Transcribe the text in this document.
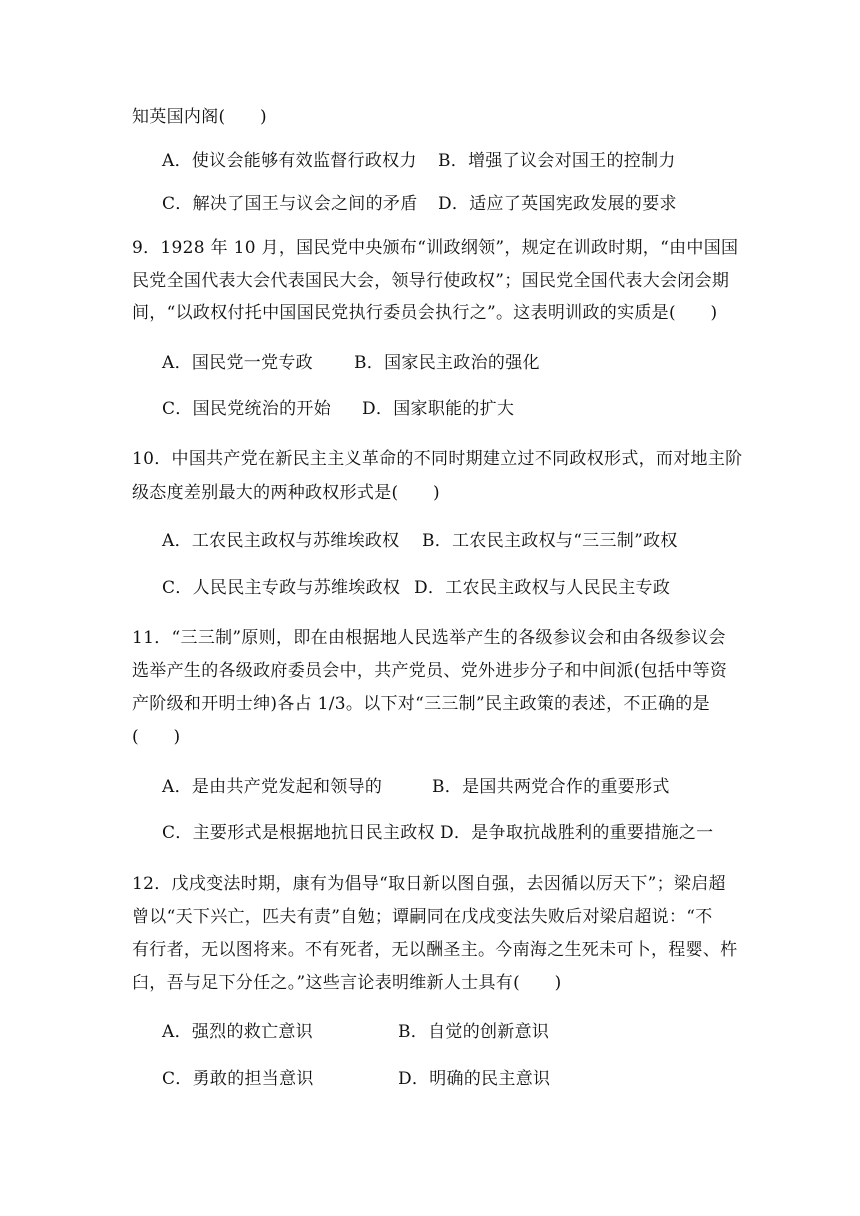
知英国内阁(　　)
A．使议会能够有效监督行政权力 B．增强了议会对国王的控制力
C．解决了国王与议会之间的矛盾 D．适应了英国宪政发展的要求
9．1928 年 10 月，国民党中央颁布“训政纲领”，规定在训政时期，“由中国国
民党全国代表大会代表国民大会，领导行使政权”；国民党全国代表大会闭会期
间，“以政权付托中国国民党执行委员会执行之”。这表明训政的实质是(　　)
A．国民党一党专政 B．国家民主政治的强化
C．国民党统治的开始 D．国家职能的扩大
10．中国共产党在新民主主义革命的不同时期建立过不同政权形式，而对地主阶
级态度差别最大的两种政权形式是(　　)
A．工农民主政权与苏维埃政权 B．工农民主政权与“三三制”政权
C．人民民主专政与苏维埃政权 D．工农民主政权与人民民主专政
11．“三三制”原则，即在由根据地人民选举产生的各级参议会和由各级参议会
选举产生的各级政府委员会中，共产党员、党外进步分子和中间派(包括中等资
产阶级和开明士绅)各占 1/3。以下对“三三制”民主政策的表述，不正确的是
(　　)
A．是由共产党发起和领导的	B．是国共两党合作的重要形式
C．主要形式是根据地抗日民主政权 D．是争取抗战胜利的重要措施之一
12．戊戌变法时期，康有为倡导“取日新以图自强，去因循以厉天下”；梁启超
曾以“天下兴亡，匹夫有责”自勉；谭嗣同在戊戌变法失败后对梁启超说：“不
有行者，无以图将来。不有死者，无以酬圣主。今南海之生死未可卜，程婴、杵
臼，吾与足下分任之。”这些言论表明维新人士具有(　　)
A．强烈的救亡意识	B．自觉的创新意识
C．勇敢的担当意识	D．明确的民主意识
